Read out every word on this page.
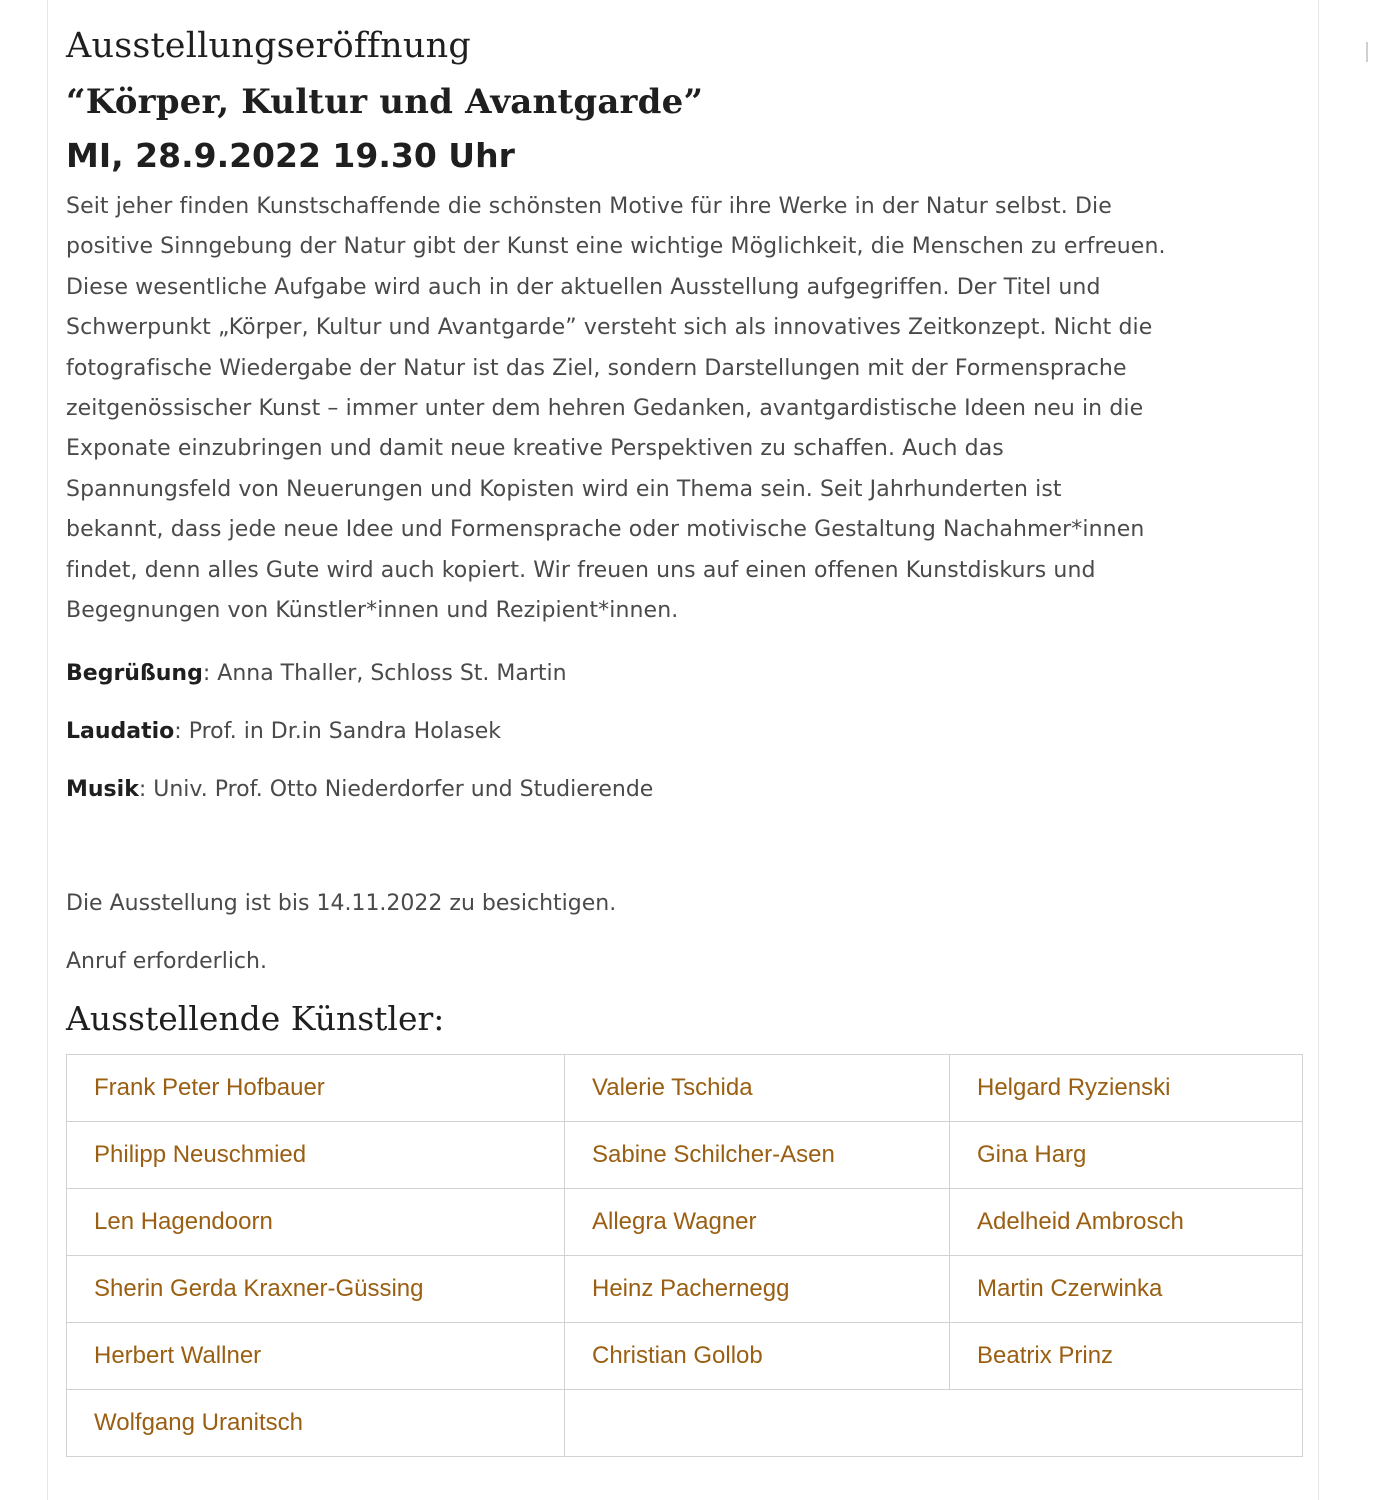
Ausstellungseröffnung
“Körper, Kultur und Avantgarde”
MI, 28.9.2022 19.30 Uhr

Seit jeher finden Kunstschaffende die schönsten Motive für ihre Werke in der Natur selbst. Die
positive Sinngebung der Natur gibt der Kunst eine wichtige Möglichkeit, die Menschen zu erfreuen.
Diese wesentliche Aufgabe wird auch in der aktuellen Ausstellung aufgegriffen. Der Titel und
Schwerpunkt „Körper, Kultur und Avantgarde” versteht sich als innovatives Zeitkonzept. Nicht die
fotografische Wiedergabe der Natur ist das Ziel, sondern Darstellungen mit der Formensprache
zeitgenössischer Kunst – immer unter dem hehren Gedanken, avantgardistische Ideen neu in die
Exponate einzubringen und damit neue kreative Perspektiven zu schaffen. Auch das
Spannungsfeld von Neuerungen und Kopisten wird ein Thema sein. Seit Jahrhunderten ist
bekannt, dass jede neue Idee und Formensprache oder motivische Gestaltung Nachahmer*innen
findet, denn alles Gute wird auch kopiert. Wir freuen uns auf einen offenen Kunstdiskurs und
Begegnungen von Künstler*innen und Rezipient*innen.

Begrüßung: Anna Thaller, Schloss St. Martin

Laudatio: Prof. in Dr.in Sandra Holasek

Musik: Univ. Prof. Otto Niederdorfer und Studierende

Die Ausstellung ist bis 14.11.2022 zu besichtigen.

Anruf erforderlich.

Ausstellende Künstler:
Frank Peter Hofbauer	Valerie Tschida	Helgard Ryzienski
Philipp Neuschmied	Sabine Schilcher-Asen	Gina Harg
Len Hagendoorn	Allegra Wagner	Adelheid Ambrosch
Sherin Gerda Kraxner-Güssing	Heinz Pachernegg	Martin Czerwinka
Herbert Wallner	Christian Gollob	Beatrix Prinz
Wolfgang Uranitsch		
